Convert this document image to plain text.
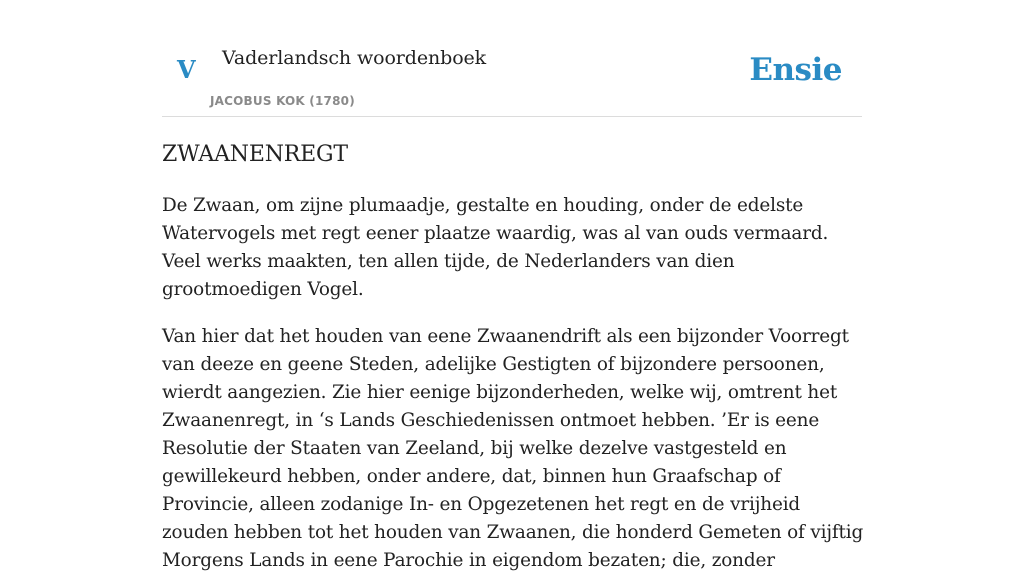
V Vaderlandsch woordenboek
JACOBUS KOK (1780)
Ensie
ZWAANENREGT

De Zwaan, om zijne plumaadje, gestalte en houding, onder de edelste Watervogels met regt eener plaatze waardig, was al van ouds vermaard. Veel werks maakten, ten allen tijde, de Nederlanders van dien grootmoedigen Vogel.

Van hier dat het houden van eene Zwaanendrift als een bijzonder Voorregt van deeze en geene Steden, adelijke Gestigten of bijzondere persoonen, wierdt aangezien. Zie hier eenige bijzonderheden, welke wij, omtrent het Zwaanenregt, in ‘s Lands Geschiedenissen ontmoet hebben. ’Er is eene Resolutie der Staaten van Zeeland, bij welke dezelve vastgesteld en gewillekeurd hebben, onder andere, dat, binnen hun Graafschap of Provincie, alleen zodanige In- en Opgezetenen het regt en de vrijheid zouden hebben tot het houden van Zwaanen, die honderd Gemeten of vijftig Morgens Lands in eene Parochie in eigendom bezaten; die, zonder
